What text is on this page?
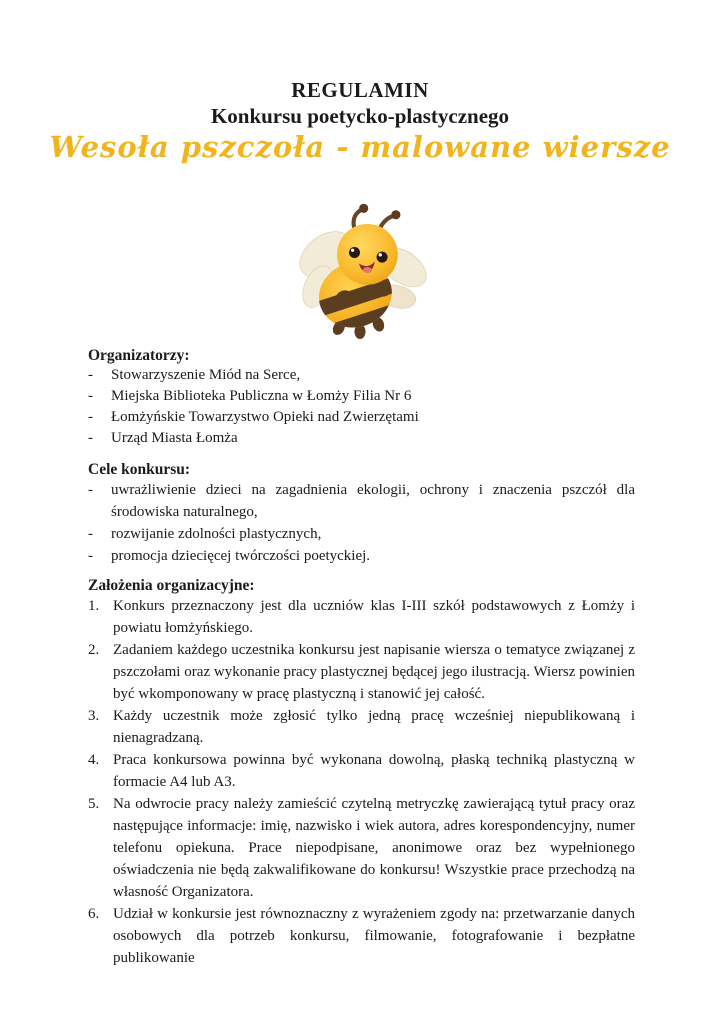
REGULAMIN
Konkursu poetycko-plastycznego
Wesoła pszczoła - malowane wiersze
Organizatorzy:
-	Stowarzyszenie Miód na Serce,
-	Miejska Biblioteka Publiczna w Łomży Filia Nr 6
-	Łomżyńskie Towarzystwo Opieki nad Zwierzętami
-	Urząd Miasta Łomża
Cele konkursu:
-	uwrażliwienie dzieci na zagadnienia ekologii, ochrony i znaczenia pszczół dla środowiska naturalnego,
-	rozwijanie zdolności plastycznych,
-	promocja dziecięcej twórczości poetyckiej.
Założenia organizacyjne:
1. Konkurs przeznaczony jest dla uczniów klas I-III szkół podstawowych z Łomży i powiatu łomżyńskiego.
2. Zadaniem każdego uczestnika konkursu jest napisanie wiersza o tematyce związanej z pszczołami oraz wykonanie pracy plastycznej będącej jego ilustracją. Wiersz powinien być wkomponowany w pracę plastyczną i stanowić jej całość.
3. Każdy uczestnik może zgłosić tylko jedną pracę wcześniej niepublikowaną i nienagradzaną.
4. Praca konkursowa powinna być wykonana dowolną, płaską techniką plastyczną w formacie A4 lub A3.
5. Na odwrocie pracy należy zamieścić czytelną metryczkę zawierającą tytuł pracy oraz następujące informacje: imię, nazwisko i wiek autora, adres korespondencyjny, numer telefonu opiekuna. Prace niepodpisane, anonimowe oraz bez wypełnionego oświadczenia nie będą zakwalifikowane do konkursu! Wszystkie prace przechodzą na własność Organizatora.
6. Udział w konkursie jest równoznaczny z wyrażeniem zgody na: przetwarzanie danych osobowych dla potrzeb konkursu, filmowanie, fotografowanie i bezpłatne publikowanie
